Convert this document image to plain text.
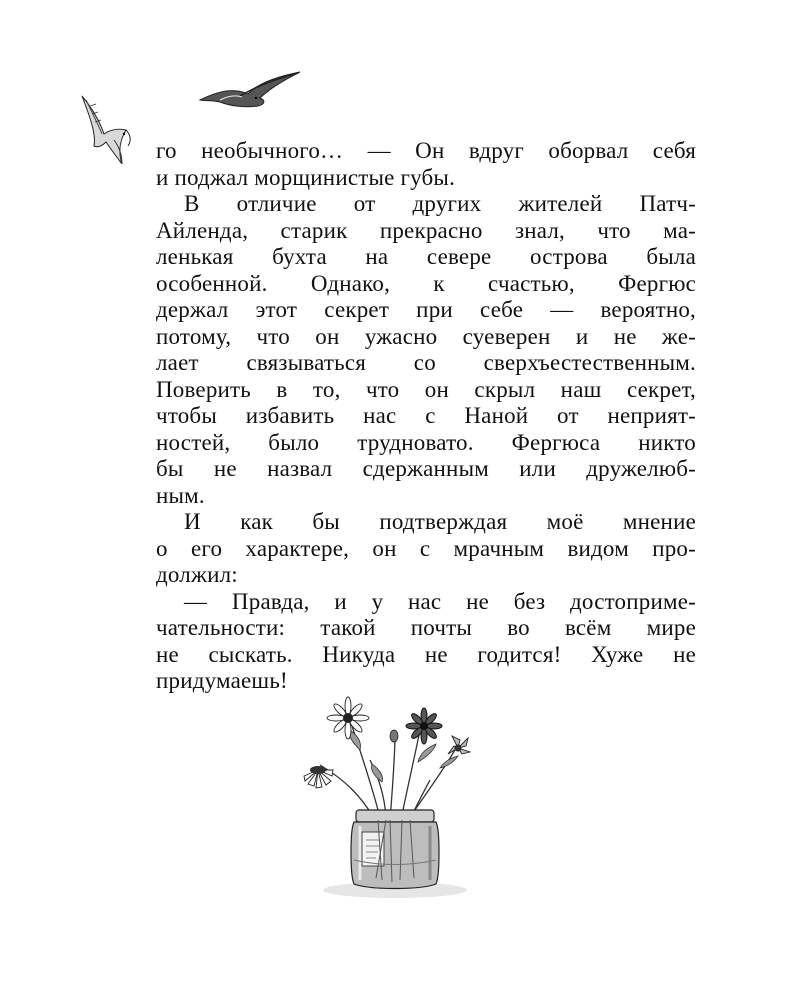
го необычного… — Он вдруг оборвал себя
и поджал морщинистые губы.
В отличие от других жителей Патч-
Айленда, старик прекрасно знал, что ма-
ленькая бухта на севере острова была
особенной. Однако, к счастью, Фергюс
держал этот секрет при себе — вероятно,
потому, что он ужасно суеверен и не же-
лает связываться со сверхъестественным.
Поверить в то, что он скрыл наш секрет,
чтобы избавить нас с Наной от неприят-
ностей, было трудновато. Фергюса никто
бы не назвал сдержанным или дружелюб-
ным.
И как бы подтверждая моё мнение
о его характере, он с мрачным видом про-
должил:
— Правда, и у нас не без достоприме-
чательности: такой почты во всём мире
не сыскать. Никуда не годится! Хуже не
придумаешь!
